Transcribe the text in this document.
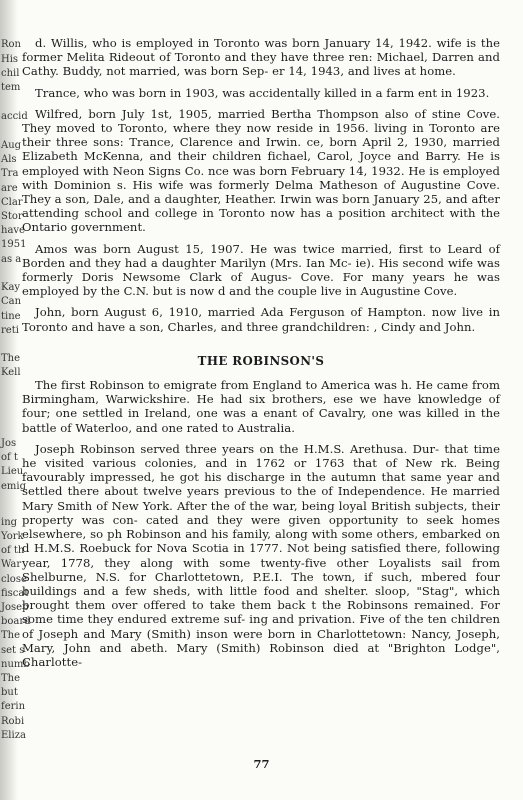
Ron
His
chil
tem
accid
Aug
Als
Tra
are
Clar
Stor
have
1951
as a
Kay
Can
tine
reti
The
Kell
Jos
of t
Lieu
emig
ing
York
of th
War
close
fiscat
Josep
board
The
set s
numb
The
but
ferin
Robi
Eliza

d. Willis, who is employed in Toronto was born January 14, 1942. wife is the former Melita Rideout of Toronto and they have three ren: Michael, Darren and Cathy. Buddy, not married, was born Sep- er 14, 1943, and lives at home.

Trance, who was born in 1903, was accidentally killed in a farm ent in 1923.

Wilfred, born July 1st, 1905, married Bertha Thompson also of stine Cove. They moved to Toronto, where they now reside in 1956. living in Toronto are their three sons: Trance, Clarence and Irwin. ce, born April 2, 1930, married Elizabeth McKenna, and their children fichael, Carol, Joyce and Barry. He is employed with Neon Signs Co. nce was born February 14, 1932. He is employed with Dominion s. His wife was formerly Delma Matheson of Augustine Cove. They a son, Dale, and a daughter, Heather. Irwin was born January 25, and after attending school and college in Toronto now has a position architect with the Ontario government.

Amos was born August 15, 1907. He was twice married, first to Leard of Borden and they had a daughter Marilyn (Mrs. Ian Mc- ie). His second wife was formerly Doris Newsome Clark of Augus- Cove. For many years he was employed by the C.N. but is now d and the couple live in Augustine Cove.

John, born August 6, 1910, married Ada Ferguson of Hampton. now live in Toronto and have a son, Charles, and three grandchildren: , Cindy and John.

THE ROBINSON'S

The first Robinson to emigrate from England to America was h. He came from Birmingham, Warwickshire. He had six brothers, ese we have knowledge of four; one settled in Ireland, one was a enant of Cavalry, one was killed in the battle of Waterloo, and one rated to Australia.

Joseph Robinson served three years on the H.M.S. Arethusa. Dur- that time he visited various colonies, and in 1762 or 1763 that of New rk. Being favourably impressed, he got his discharge in the autumn that same year and settled there about twelve years previous to the of Independence. He married Mary Smith of New York. After the of the war, being loyal British subjects, their property was con- cated and they were given opportunity to seek homes elsewhere, so ph Robinson and his family, along with some others, embarked on d H.M.S. Roebuck for Nova Scotia in 1777. Not being satisfied there, following year, 1778, they along with some twenty-five other Loyalists sail from Shelburne, N.S. for Charlottetown, P.E.I. The town, if such, mbered four buildings and a few sheds, with little food and shelter. sloop, "Stag", which brought them over offered to take them back t the Robinsons remained. For some time they endured extreme suf- ing and privation. Five of the ten children of Joseph and Mary (Smith) inson were born in Charlottetown: Nancy, Joseph, Mary, John and abeth. Mary (Smith) Robinson died at "Brighton Lodge", Charlotte-

77
